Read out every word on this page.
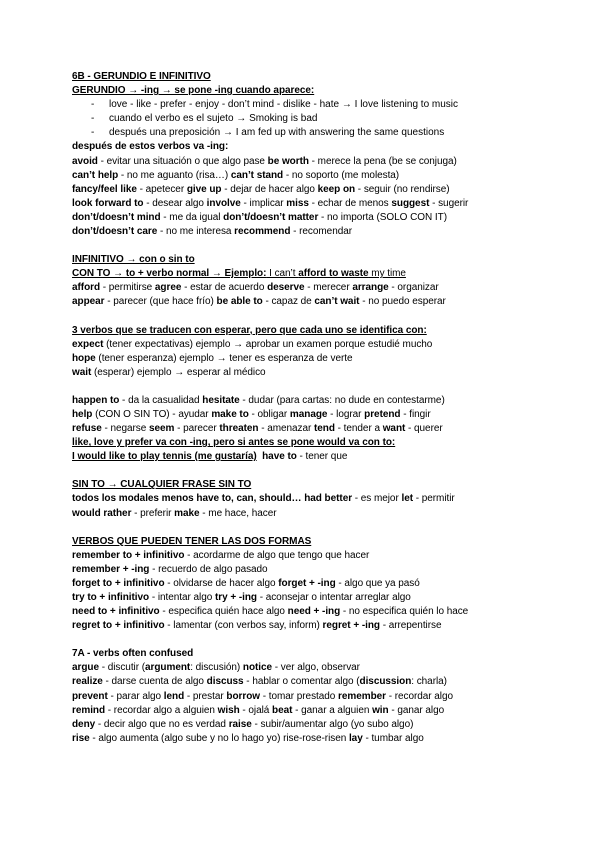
6B - GERUNDIO E INFINITIVO
GERUNDIO → -ing → se pone -ing cuando aparece:
- love - like - prefer - enjoy - don’t mind - dislike - hate → I love listening to music
- cuando el verbo es el sujeto → Smoking is bad
- después una preposición → I am fed up with answering the same questions
después de estos verbos va -ing:
avoid - evitar una situación o que algo pase be worth - merece la pena (be se conjuga)
can’t help - no me aguanto (risa…) can’t stand - no soporto (me molesta)
fancy/feel like - apetecer give up - dejar de hacer algo keep on - seguir (no rendirse)
look forward to - desear algo involve - implicar miss - echar de menos suggest - sugerir
don’t/doesn’t mind - me da igual don’t/doesn’t matter - no importa (SOLO CON IT)
don’t/doesn’t care - no me interesa recommend - recomendar
INFINITIVO → con o sin to
CON TO → to + verbo normal → Ejemplo: I can’t afford to waste my time
afford - permitirse agree - estar de acuerdo deserve - merecer arrange - organizar
appear - parecer (que hace frío) be able to - capaz de can’t wait - no puedo esperar
3 verbos que se traducen con esperar, pero que cada uno se identifica con:
expect (tener expectativas) ejemplo → aprobar un examen porque estudié mucho
hope (tener esperanza) ejemplo → tener es esperanza de verte
wait (esperar) ejemplo → esperar al médico
happen to - da la casualidad hesitate - dudar (para cartas: no dude en contestarme)
help (CON O SIN TO) - ayudar make to - obligar manage - lograr pretend - fingir
refuse - negarse seem - parecer threaten - amenazar tend - tender a want - querer
like, love y prefer va con -ing, pero si antes se pone would va con to:
I would like to play tennis (me gustaría) have to - tener que
SIN TO → CUALQUIER FRASE SIN TO
todos los modales menos have to, can, should… had better - es mejor let - permitir
would rather - preferir make - me hace, hacer
VERBOS QUE PUEDEN TENER LAS DOS FORMAS
remember to + infinitivo - acordarme de algo que tengo que hacer
remember + -ing - recuerdo de algo pasado
forget to + infinitivo - olvidarse de hacer algo forget + -ing - algo que ya pasó
try to + infinitivo - intentar algo try + -ing - aconsejar o intentar arreglar algo
need to + infinitivo - especifica quién hace algo need + -ing - no especifica quién lo hace
regret to + infinitivo - lamentar (con verbos say, inform) regret + -ing - arrepentirse
7A - verbs often confused
argue - discutir (argument: discusión) notice - ver algo, observar
realize - darse cuenta de algo discuss - hablar o comentar algo (discussion: charla)
prevent - parar algo lend - prestar borrow - tomar prestado remember - recordar algo
remind - recordar algo a alguien wish - ojalá beat - ganar a alguien win - ganar algo
deny - decir algo que no es verdad raise - subir/aumentar algo (yo subo algo)
rise - algo aumenta (algo sube y no lo hago yo) rise-rose-risen lay - tumbar algo
